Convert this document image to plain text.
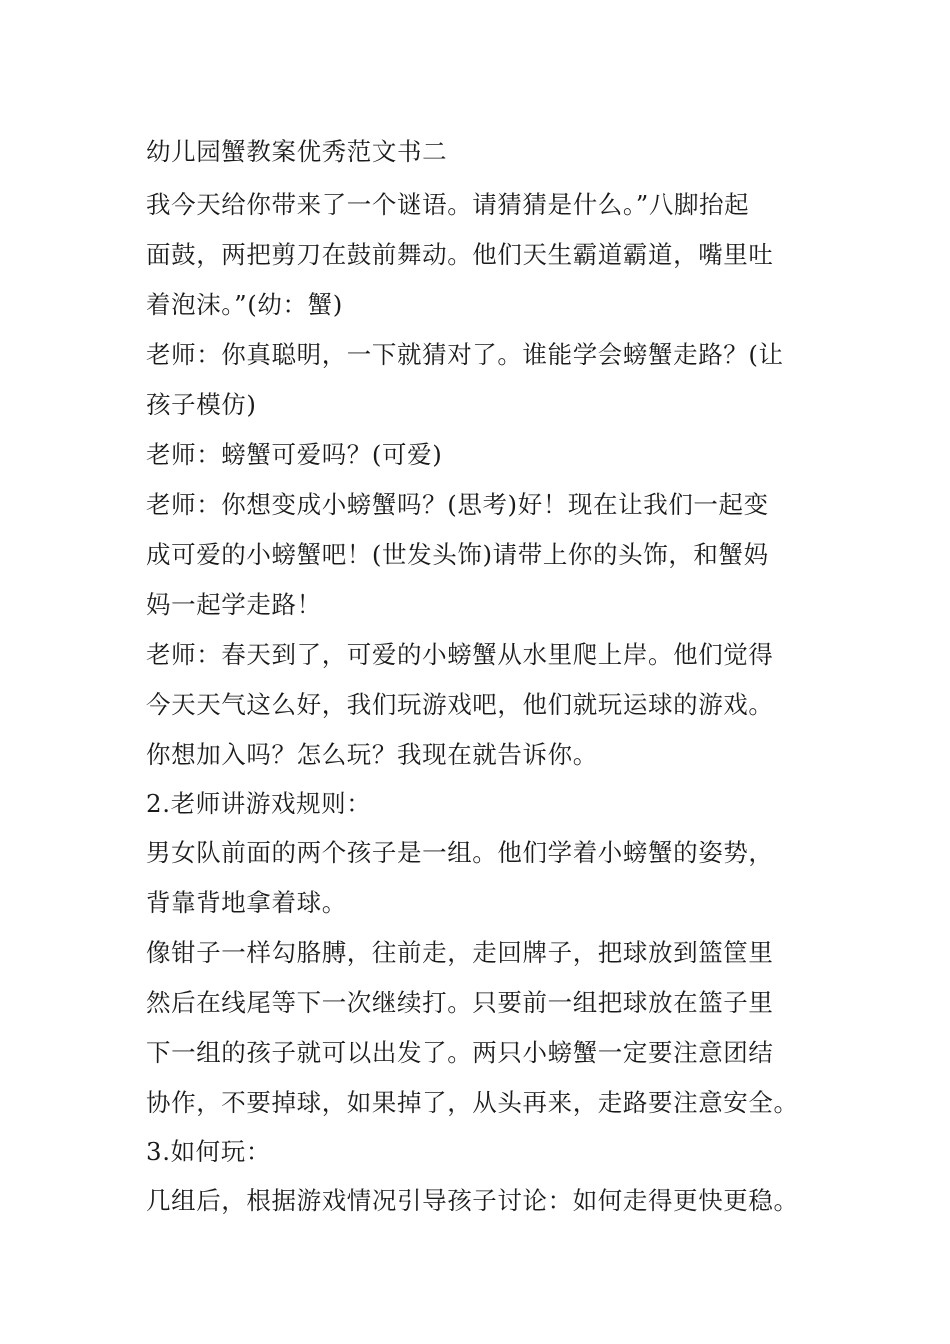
幼儿园蟹教案优秀范文书二
我今天给你带来了一个谜语。请猜猜是什么。”八脚抬起
面鼓，两把剪刀在鼓前舞动。他们天生霸道霸道，嘴里吐
着泡沫。”(幼：蟹)
老师：你真聪明，一下就猜对了。谁能学会螃蟹走路？(让
孩子模仿)
老师：螃蟹可爱吗？(可爱)
老师：你想变成小螃蟹吗？(思考)好！现在让我们一起变
成可爱的小螃蟹吧！(世发头饰)请带上你的头饰，和蟹妈
妈一起学走路！
老师：春天到了，可爱的小螃蟹从水里爬上岸。他们觉得
今天天气这么好，我们玩游戏吧，他们就玩运球的游戏。
你想加入吗？怎么玩？我现在就告诉你。
2.老师讲游戏规则：
男女队前面的两个孩子是一组。他们学着小螃蟹的姿势，
背靠背地拿着球。
像钳子一样勾胳膊，往前走，走回牌子，把球放到篮筐里
然后在线尾等下一次继续打。只要前一组把球放在篮子里
下一组的孩子就可以出发了。两只小螃蟹一定要注意团结
协作，不要掉球，如果掉了，从头再来，走路要注意安全。
3.如何玩：
几组后，根据游戏情况引导孩子讨论：如何走得更快更稳。
